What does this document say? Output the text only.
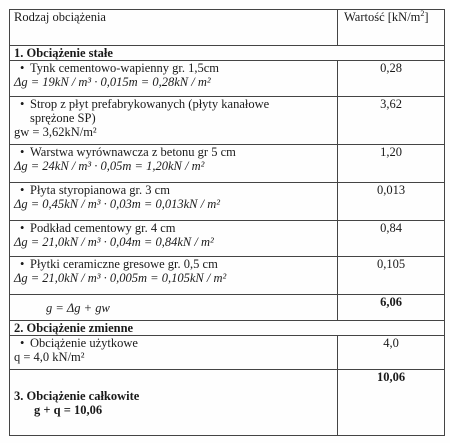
Rodzaj obciążenia	Wartość $[kN/m^2]$
1. Obciążenie stałe	

• Tynk cementowo-wapienny gr. 1,5cm
Δg = 19kN / m³ · 0,015m = 0,28kN / m²	0,28

• Strop z płyt prefabrykowanych (płyty kanałowe sprężone SP)
gw = 3,62kN/m²	3,62

• Warstwa wyrównawcza z betonu gr 5 cm
Δg = 24kN / m³ · 0,05m = 1,20kN / m²	1,20

• Płyta styropianowa gr. 3 cm
Δg = 0,45kN / m³ · 0,03m = 0,013kN / m²	0,013

• Podkład cementowy gr. 4 cm
Δg = 21,0kN / m³ · 0,04m = 0,84kN / m²	0,84

• Płytki ceramiczne gresowe gr. 0,5 cm
Δg = 21,0kN / m³ · 0,005m = 0,105kN / m²	0,105
g = Δg + gw	6,06
2. Obciążenie zmienne	

• Obciążenie użytkowe
q = 4,0 kN/m²	4,0

3. Obciążenie całkowite
g + q = 10,06	10,06
